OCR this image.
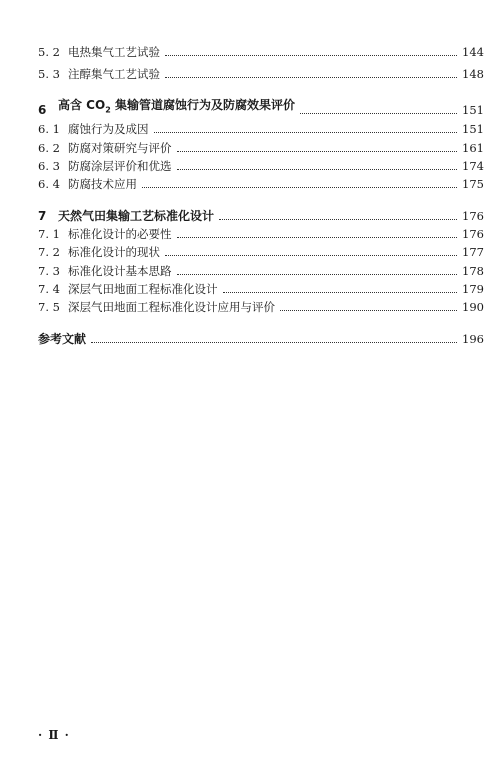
5. 2 电热集气工艺试验	144
5. 3 注醇集气工艺试验	148
6 高含 $CO_2$ 集输管道腐蚀行为及防腐效果评价	151
6. 1 腐蚀行为及成因	151
6. 2 防腐对策研究与评价	161
6. 3 防腐涂层评价和优选	174
6. 4 防腐技术应用	175
7 天然气田集输工艺标准化设计	176
7. 1 标准化设计的必要性	176
7. 2 标准化设计的现状	177
7. 3 标准化设计基本思路	178
7. 4 深层气田地面工程标准化设计	179
7. 5 深层气田地面工程标准化设计应用与评价	190
参考文献	196
· Ⅱ ·
